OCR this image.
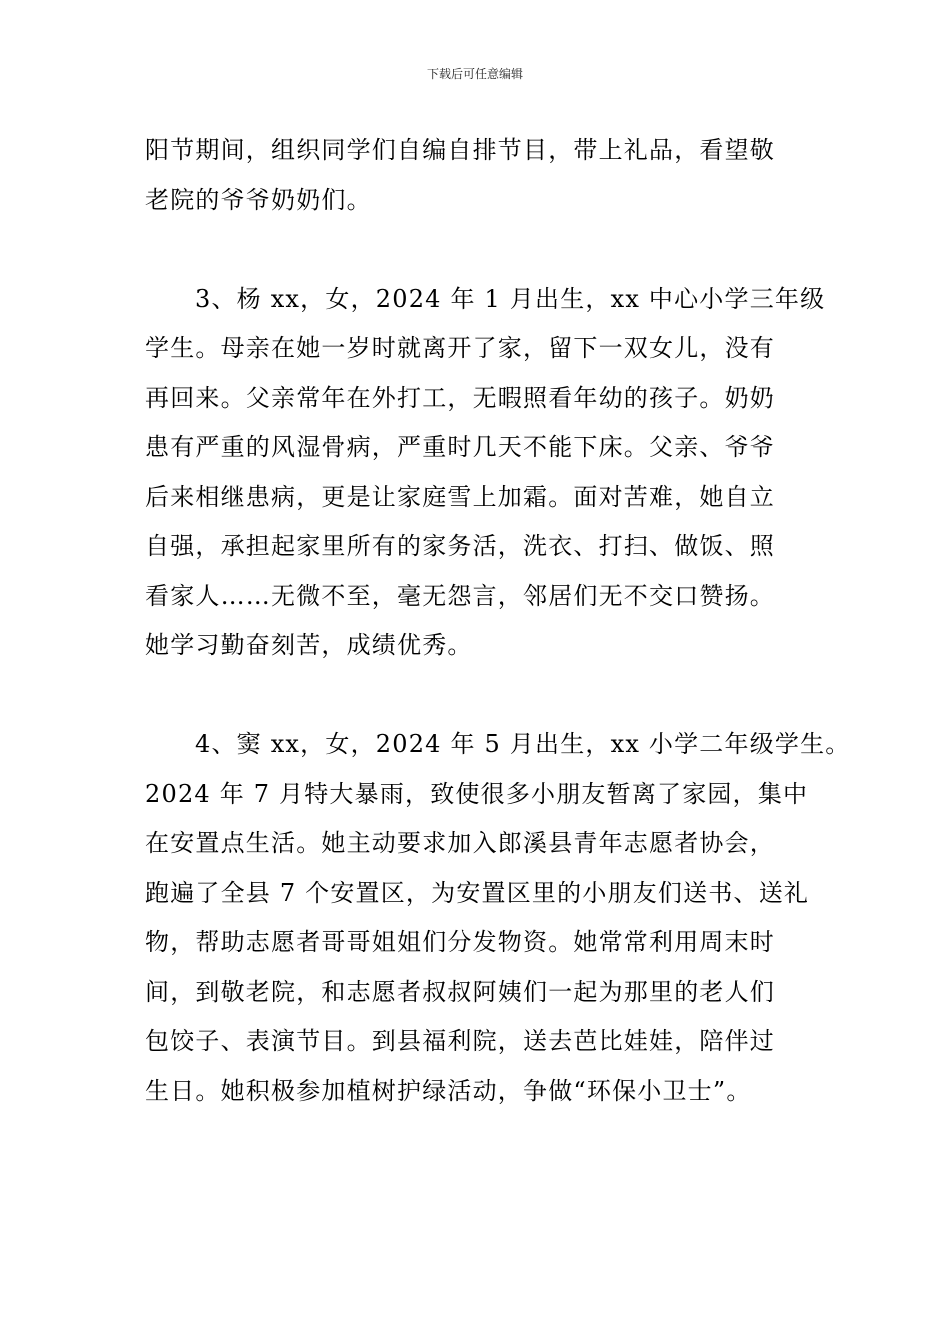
下载后可任意编辑
阳节期间，组织同学们自编自排节目，带上礼品，看望敬
老院的爷爷奶奶们。
3、杨 xx，女，2024 年 1 月出生，xx 中心小学三年级
学生。母亲在她一岁时就离开了家，留下一双女儿，没有
再回来。父亲常年在外打工，无暇照看年幼的孩子。奶奶
患有严重的风湿骨病，严重时几天不能下床。父亲、爷爷
后来相继患病，更是让家庭雪上加霜。面对苦难，她自立
自强，承担起家里所有的家务活，洗衣、打扫、做饭、照
看家人……无微不至，毫无怨言，邻居们无不交口赞扬。
她学习勤奋刻苦，成绩优秀。
4、窦 xx，女，2024 年 5 月出生，xx 小学二年级学生。
2024 年 7 月特大暴雨，致使很多小朋友暂离了家园，集中
在安置点生活。她主动要求加入郎溪县青年志愿者协会，
跑遍了全县 7 个安置区，为安置区里的小朋友们送书、送礼
物，帮助志愿者哥哥姐姐们分发物资。她常常利用周末时
间，到敬老院，和志愿者叔叔阿姨们一起为那里的老人们
包饺子、表演节目。到县福利院，送去芭比娃娃，陪伴过
生日。她积极参加植树护绿活动，争做“环保小卫士”。
